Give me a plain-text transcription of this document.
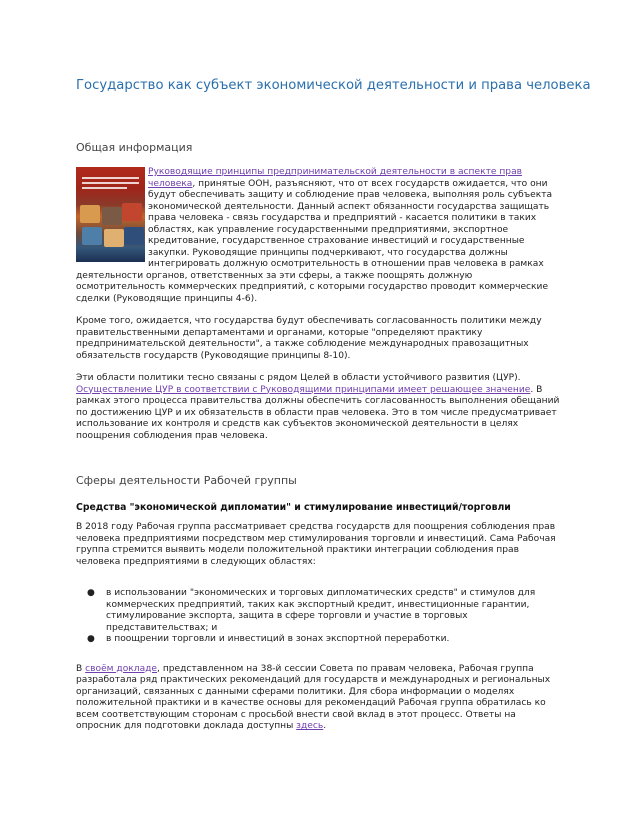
Государство как субъект экономической деятельности и права человека
Общая информация

Руководящие принципы предпринимательской деятельности в аспекте прав человека, принятые ООН, разъясняют, что от всех государств ожидается, что они будут обеспечивать защиту и соблюдение прав человека, выполняя роль субъекта экономической деятельности. Данный аспект обязанности государства защищать права человека - связь государства и предприятий - касается политики в таких областях, как управление государственными предприятиями, экспортное кредитование, государственное страхование инвестиций и государственные закупки. Руководящие принципы подчеркивают, что государства должны интегрировать должную осмотрительность в отношении прав человека в рамках деятельности органов, ответственных за эти сферы, а также поощрять должную осмотрительность коммерческих предприятий, с которыми государство проводит коммерческие сделки (Руководящие принципы 4-6).

Кроме того, ожидается, что государства будут обеспечивать согласованность политики между правительственными департаментами и органами, которые "определяют практику предпринимательской деятельности", а также соблюдение международных правозащитных обязательств государств (Руководящие принципы 8-10).

Эти области политики тесно связаны с рядом Целей в области устойчивого развития (ЦУР). Осуществление ЦУР в соответствии с Руководящими принципами имеет решающее значение. В рамках этого процесса правительства должны обеспечить согласованность выполнения обещаний по достижению ЦУР и их обязательств в области прав человека. Это в том числе предусматривает использование их контроля и средств как субъектов экономической деятельности в целях поощрения соблюдения прав человека.

Сферы деятельности Рабочей группы
Средства "экономической дипломатии" и стимулирование инвестиций/торговли

В 2018 году Рабочая группа рассматривает средства государств для поощрения соблюдения прав человека предприятиями посредством мер стимулирования торговли и инвестиций. Сама Рабочая группа стремится выявить модели положительной практики интеграции соблюдения прав человека предприятиями в следующих областях:

● в использовании "экономических и торговых дипломатических средств" и стимулов для коммерческих предприятий, таких как экспортный кредит, инвестиционные гарантии, стимулирование экспорта, защита в сфере торговли и участие в торговых представительствах; и
● в поощрении торговли и инвестиций в зонах экспортной переработки.

В своём докладе, представленном на 38-й сессии Совета по правам человека, Рабочая группа разработала ряд практических рекомендаций для государств и международных и региональных организаций, связанных с данными сферами политики. Для сбора информации о моделях положительной практики и в качестве основы для рекомендаций Рабочая группа обратилась ко всем соответствующим сторонам с просьбой внести свой вклад в этот процесс. Ответы на опросник для подготовки доклада доступны здесь.
